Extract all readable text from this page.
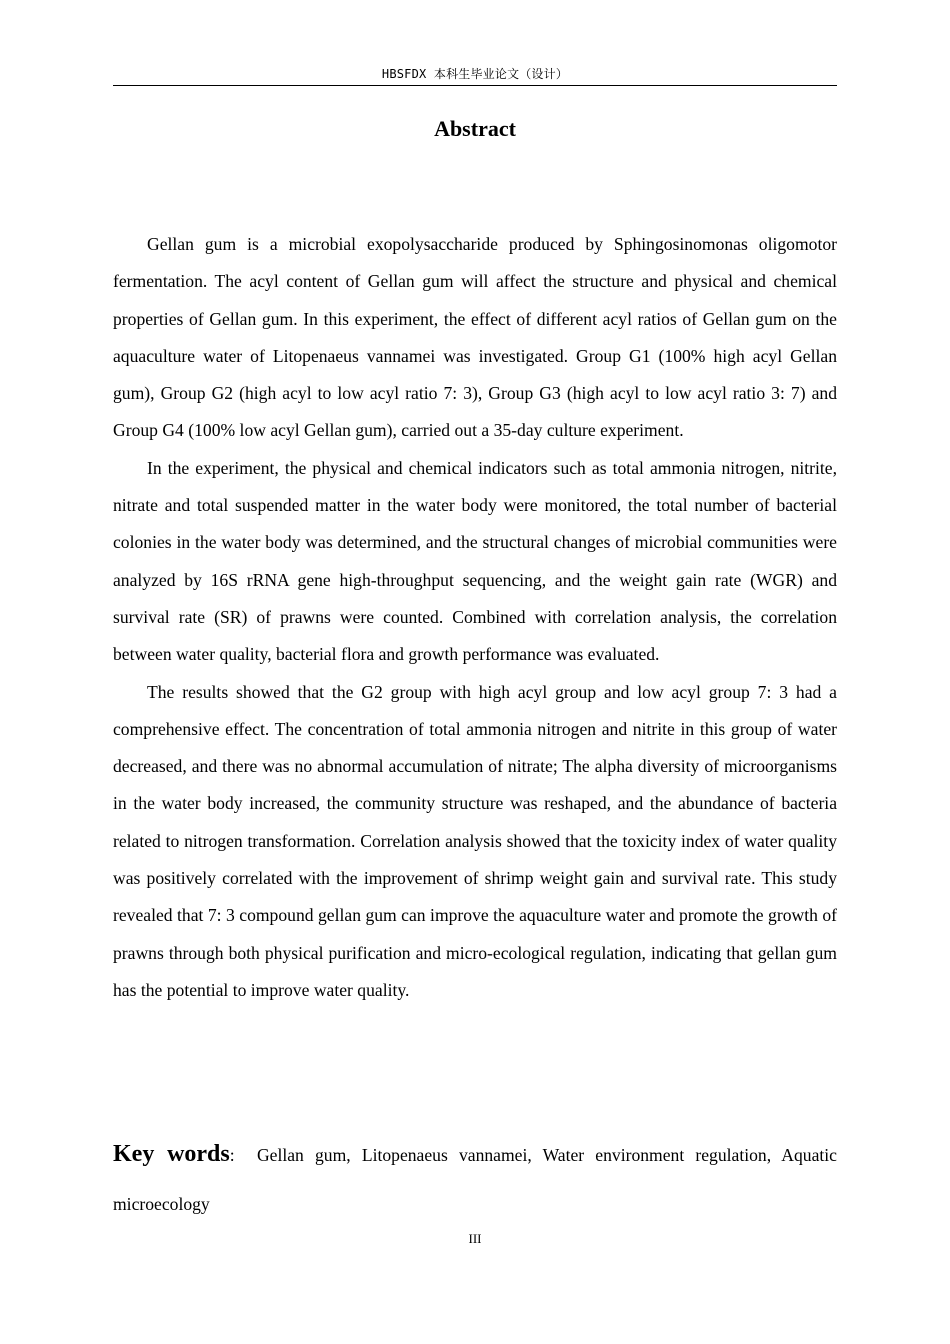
HBSFDX 本科生毕业论文（设计）
Abstract

Gellan gum is a microbial exopolysaccharide produced by Sphingosinomonas oligomotor fermentation. The acyl content of Gellan gum will affect the structure and physical and chemical properties of Gellan gum. In this experiment, the effect of different acyl ratios of Gellan gum on the aquaculture water of Litopenaeus vannamei was investigated. Group G1 (100% high acyl Gellan gum), Group G2 (high acyl to low acyl ratio 7: 3), Group G3 (high acyl to low acyl ratio 3: 7) and Group G4 (100% low acyl Gellan gum), carried out a 35-day culture experiment.

In the experiment, the physical and chemical indicators such as total ammonia nitrogen, nitrite, nitrate and total suspended matter in the water body were monitored, the total number of bacterial colonies in the water body was determined, and the structural changes of microbial communities were analyzed by 16S rRNA gene high-throughput sequencing, and the weight gain rate (WGR) and survival rate (SR) of prawns were counted. Combined with correlation analysis, the correlation between water quality, bacterial flora and growth performance was evaluated.

The results showed that the G2 group with high acyl group and low acyl group 7: 3 had a comprehensive effect. The concentration of total ammonia nitrogen and nitrite in this group of water decreased, and there was no abnormal accumulation of nitrate; The alpha diversity of microorganisms in the water body increased, the community structure was reshaped, and the abundance of bacteria related to nitrogen transformation. Correlation analysis showed that the toxicity index of water quality was positively correlated with the improvement of shrimp weight gain and survival rate. This study revealed that 7: 3 compound gellan gum can improve the aquaculture water and promote the growth of prawns through both physical purification and micro-ecological regulation, indicating that gellan gum has the potential to improve water quality.

Key words: Gellan gum, Litopenaeus vannamei, Water environment regulation, Aquatic microecology
III
